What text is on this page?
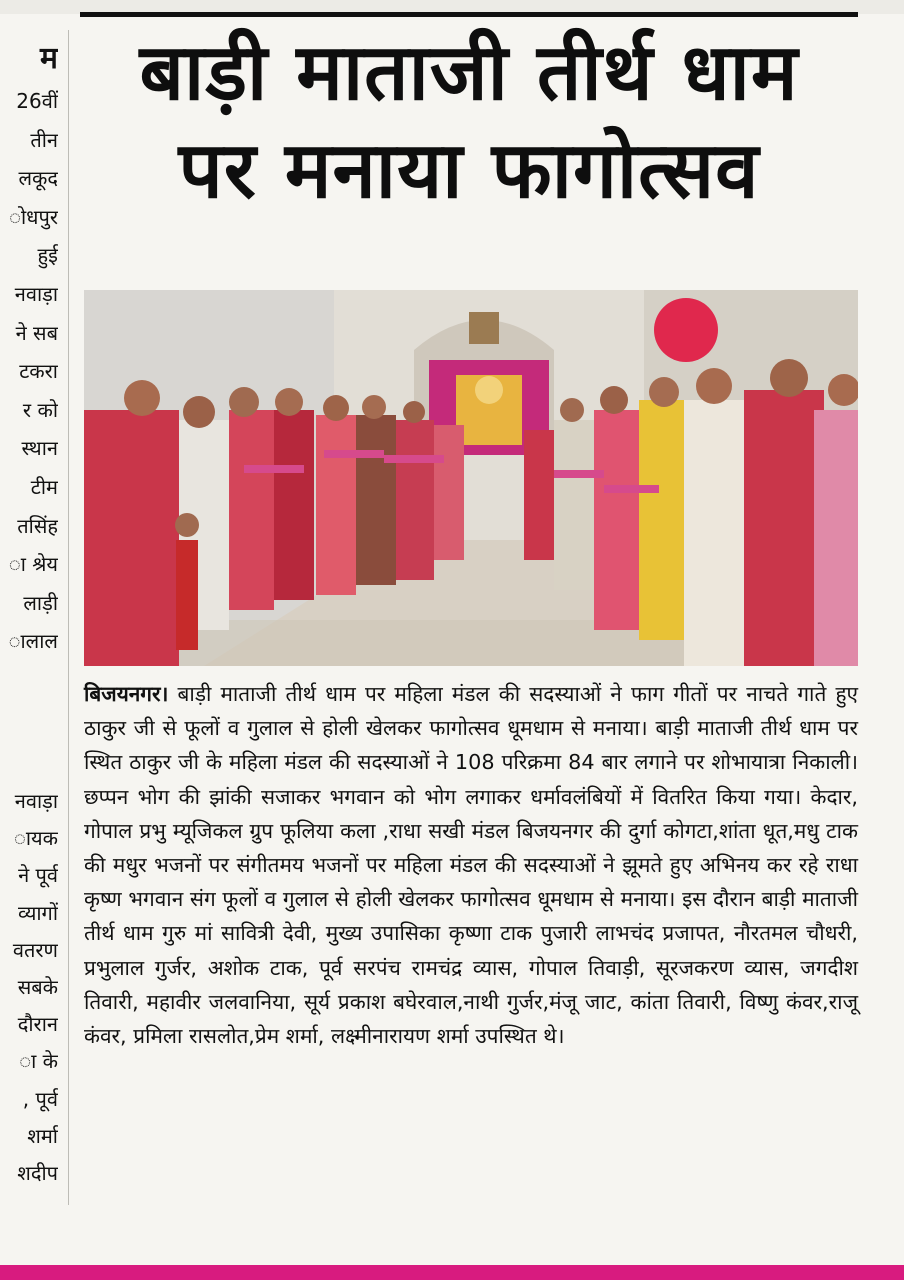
म
26वीं
तीन
लकूद
ोधपुर
हुई
नवाड़ा
ने सब
टकरा
र को
स्थान
टीम
तसिंह
ा श्रेय
लाड़ी
ालाल
नवाड़ा
ायक
ने पूर्व
व्यागों
वतरण
सबके
दौरान
ा के
, पूर्व
शर्मा
शदीप
बाड़ी माताजी तीर्थ धाम
पर मनाया फागोत्सव
बिजयनगर। बाड़ी माताजी तीर्थ धाम पर महिला मंडल की सदस्याओं ने फाग गीतों पर नाचते गाते हुए ठाकुर जी से फूलों व गुलाल से होली खेलकर फागोत्सव धूमधाम से मनाया। बाड़ी माताजी तीर्थ धाम पर स्थित ठाकुर जी के महिला मंडल की सदस्याओं ने 108 परिक्रमा 84 बार लगाने पर शोभायात्रा निकाली। छप्पन भोग की झांकी सजाकर भगवान को भोग लगाकर धर्मावलंबियों में वितरित किया गया। केदार, गोपाल प्रभु म्यूजिकल ग्रुप फूलिया कला ,राधा सखी मंडल बिजयनगर की दुर्गा कोगटा,शांता धूत,मधु टाक की मधुर भजनों पर संगीतमय भजनों पर महिला मंडल की सदस्याओं ने झूमते हुए अभिनय कर रहे राधा कृष्ण भगवान संग फूलों व गुलाल से होली खेलकर फागोत्सव धूमधाम से मनाया। इस दौरान बाड़ी माताजी तीर्थ धाम गुरु मां सावित्री देवी, मुख्य उपासिका कृष्णा टाक पुजारी लाभचंद प्रजापत, नौरतमल चौधरी, प्रभुलाल गुर्जर, अशोक टाक, पूर्व सरपंच रामचंद्र व्यास, गोपाल तिवाड़ी, सूरजकरण व्यास, जगदीश तिवारी, महावीर जलवानिया, सूर्य प्रकाश बघेरवाल,नाथी गुर्जर,मंजू जाट, कांता तिवारी, विष्णु कंवर,राजू कंवर, प्रमिला रासलोत,प्रेम शर्मा, लक्ष्मीनारायण शर्मा उपस्थित थे।
